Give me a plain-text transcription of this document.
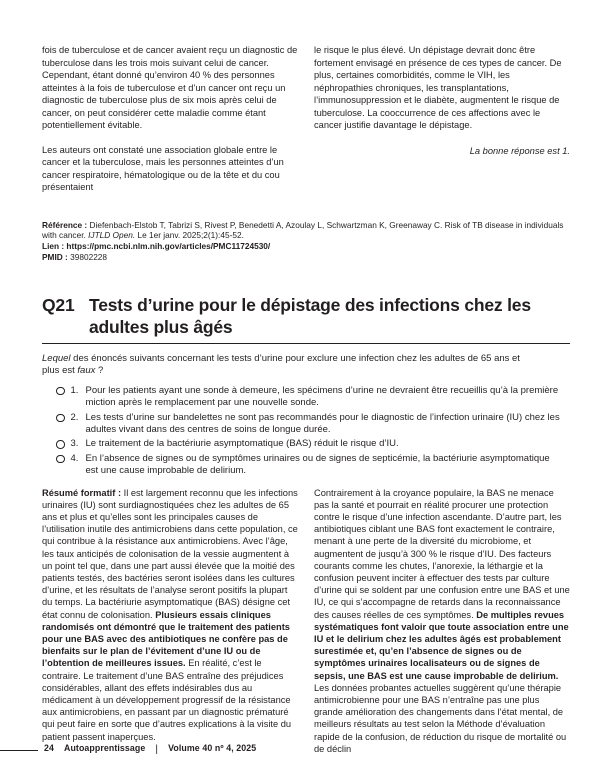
fois de tuberculose et de cancer avaient reçu un diagnostic de tuberculose dans les trois mois suivant celui de cancer. Cependant, étant donné qu’environ 40 % des personnes atteintes à la fois de tuberculose et d’un cancer ont reçu un diagnostic de tuberculose plus de six mois après celui de cancer, on peut considérer cette maladie comme étant potentiellement évitable.

Les auteurs ont constaté une association globale entre le cancer et la tuberculose, mais les personnes atteintes d’un cancer respiratoire, hématologique ou de la tête et du cou présentaient

le risque le plus élevé. Un dépistage devrait donc être fortement envisagé en présence de ces types de cancer. De plus, certaines comorbidités, comme le VIH, les néphropathies chroniques, les transplantations, l’immunosuppression et le diabète, augmentent le risque de tuberculose. La cooccurrence de ces affections avec le cancer justifie davantage le dépistage.

La bonne réponse est 1.

Référence : Diefenbach-Elstob T, Tabrizi S, Rivest P, Benedetti A, Azoulay L, Schwartzman K, Greenaway C. Risk of TB disease in individuals with cancer. IJTLD Open. Le 1er janv. 2025;2(1):45-52.

Lien : https://pmc.ncbi.nlm.nih.gov/articles/PMC11724530/

PMID : 39802228

Q21 Tests d’urine pour le dépistage des infections chez les adultes plus âgés

Lequel des énoncés suivants concernant les tests d’urine pour exclure une infection chez les adultes de 65 ans et plus est faux ?

1. Pour les patients ayant une sonde à demeure, les spécimens d’urine ne devraient être recueillis qu’à la première miction après le remplacement par une nouvelle sonde.
2. Les tests d’urine sur bandelettes ne sont pas recommandés pour le diagnostic de l’infection urinaire (IU) chez les adultes vivant dans des centres de soins de longue durée.
3. Le traitement de la bactériurie asymptomatique (BAS) réduit le risque d’IU.
4. En l’absence de signes ou de symptômes urinaires ou de signes de septicémie, la bactériurie asymptomatique est une cause improbable de delirium.
Résumé formatif : Il est largement reconnu que les infections urinaires (IU) sont surdiagnostiquées chez les adultes de 65 ans et plus et qu’elles sont les principales causes de l’utilisation inutile des antimicrobiens dans cette population, ce qui contribue à la résistance aux antimicrobiens. Avec l’âge, les taux anticipés de colonisation de la vessie augmentent à un point tel que, dans une part aussi élevée que la moitié des patients testés, des bactéries seront isolées dans les cultures d’urine, et les résultats de l’analyse seront positifs la plupart du temps. La bactériurie asymptomatique (BAS) désigne cet état connu de colonisation. Plusieurs essais cliniques randomisés ont démontré que le traitement des patients pour une BAS avec des antibiotiques ne confère pas de bienfaits sur le plan de l’évitement d’une IU ou de l’obtention de meilleures issues. En réalité, c’est le contraire. Le traitement d’une BAS entraîne des préjudices considérables, allant des effets indésirables dus au médicament à un développement progressif de la résistance aux antimicrobiens, en passant par un diagnostic prématuré qui peut faire en sorte que d’autres explications à la visite du patient passent inaperçues.
Contrairement à la croyance populaire, la BAS ne menace pas la santé et pourrait en réalité procurer une protection contre le risque d’une infection ascendante. D’autre part, les antibiotiques ciblant une BAS font exactement le contraire, menant à une perte de la diversité du microbiome, et augmentent de jusqu’à 300 % le risque d’IU. Des facteurs courants comme les chutes, l’anorexie, la léthargie et la confusion peuvent inciter à effectuer des tests par culture d’urine qui se soldent par une confusion entre une BAS et une IU, ce qui s’accompagne de retards dans la reconnaissance des causes réelles de ces symptômes. De multiples revues systématiques font valoir que toute association entre une IU et le delirium chez les adultes âgés est probablement surestimée et, qu’en l’absence de signes ou de symptômes urinaires localisateurs ou de signes de sepsis, une BAS est une cause improbable de delirium. Les données probantes actuelles suggèrent qu’une thérapie antimicrobienne pour une BAS n’entraîne pas une plus grande amélioration des changements dans l’état mental, de meilleurs résultats au test selon la Méthode d’évaluation rapide de la confusion, de réduction du risque de mortalité ou de déclin
24 Autoapprentissage | Volume 40 nº 4, 2025
